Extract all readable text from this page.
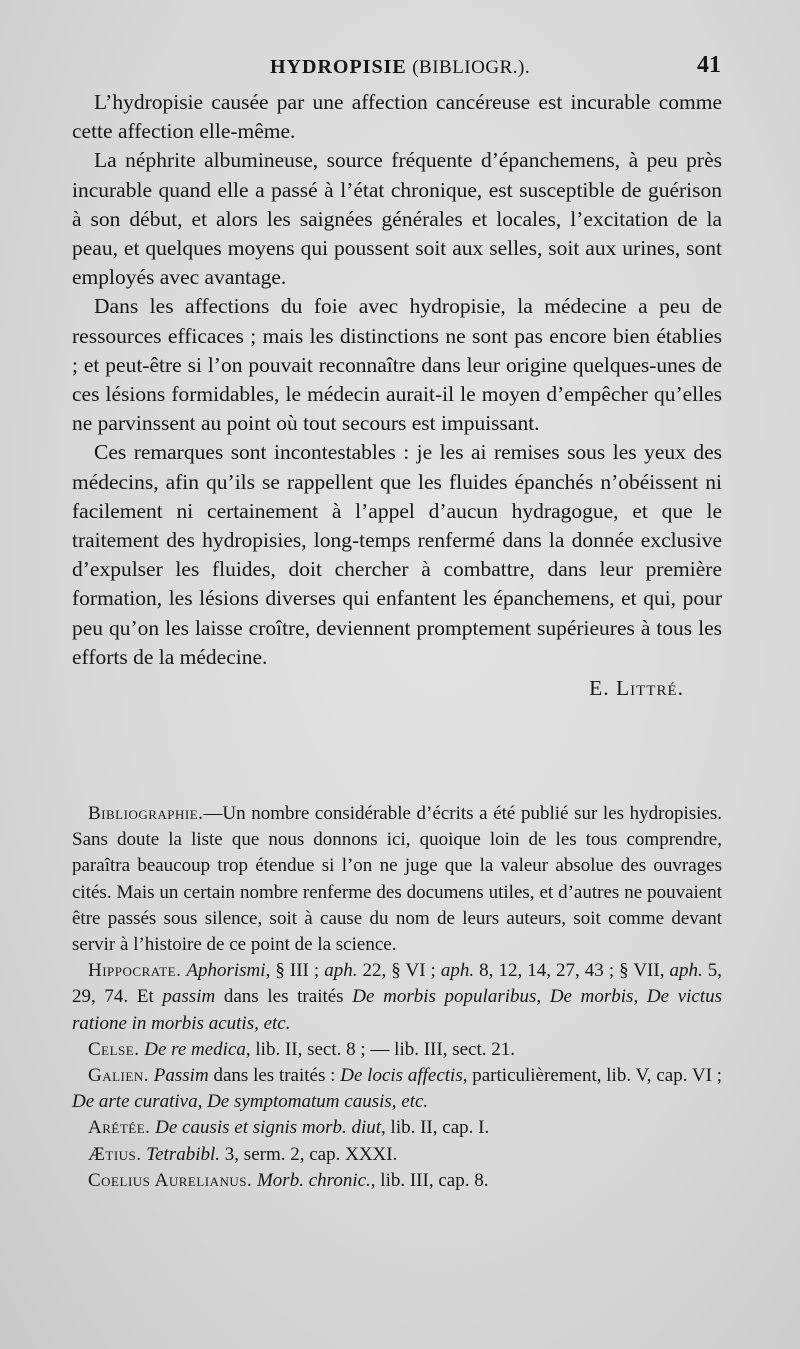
HYDROPISIE (BIBLIOGR.).	41

L’hydropisie causée par une affection cancéreuse est incurable comme cette affection elle-même.

La néphrite albumineuse, source fréquente d’épanchemens, à peu près incurable quand elle a passé à l’état chronique, est susceptible de guérison à son début, et alors les saignées générales et locales, l’excitation de la peau, et quelques moyens qui poussent soit aux selles, soit aux urines, sont employés avec avantage.

Dans les affections du foie avec hydropisie, la médecine a peu de ressources efficaces ; mais les distinctions ne sont pas encore bien établies ; et peut-être si l’on pouvait reconnaître dans leur origine quelques-unes de ces lésions formidables, le médecin aurait-il le moyen d’empêcher qu’elles ne parvinssent au point où tout secours est impuissant.

Ces remarques sont incontestables : je les ai remises sous les yeux des médecins, afin qu’ils se rappellent que les fluides épanchés n’obéissent ni facilement ni certainement à l’appel d’aucun hydragogue, et que le traitement des hydropisies, long-temps renfermé dans la donnée exclusive d’expulser les fluides, doit chercher à combattre, dans leur première formation, les lésions diverses qui enfantent les épanchemens, et qui, pour peu qu’on les laisse croître, deviennent promptement supérieures à tous les efforts de la médecine.

E. Littré.

Bibliographie.—Un nombre considérable d’écrits a été publié sur les hydropisies. Sans doute la liste que nous donnons ici, quoique loin de les tous comprendre, paraîtra beaucoup trop étendue si l’on ne juge que la valeur absolue des ouvrages cités. Mais un certain nombre renferme des documens utiles, et d’autres ne pouvaient être passés sous silence, soit à cause du nom de leurs auteurs, soit comme devant servir à l’histoire de ce point de la science.

Hippocrate. Aphorismi, § III ; aph. 22, § VI ; aph. 8, 12, 14, 27, 43 ; § VII, aph. 5, 29, 74. Et passim dans les traités De morbis popularibus, De morbis, De victus ratione in morbis acutis, etc.

Celse. De re medica, lib. II, sect. 8 ; — lib. III, sect. 21.

Galien. Passim dans les traités : De locis affectis, particulièrement, lib. V, cap. VI ; De arte curativa, De symptomatum causis, etc.

Arétée. De causis et signis morb. diut, lib. II, cap. I.

Ætius. Tetrabibl. 3, serm. 2, cap. XXXI.

Coelius Aurelianus. Morb. chronic., lib. III, cap. 8.
